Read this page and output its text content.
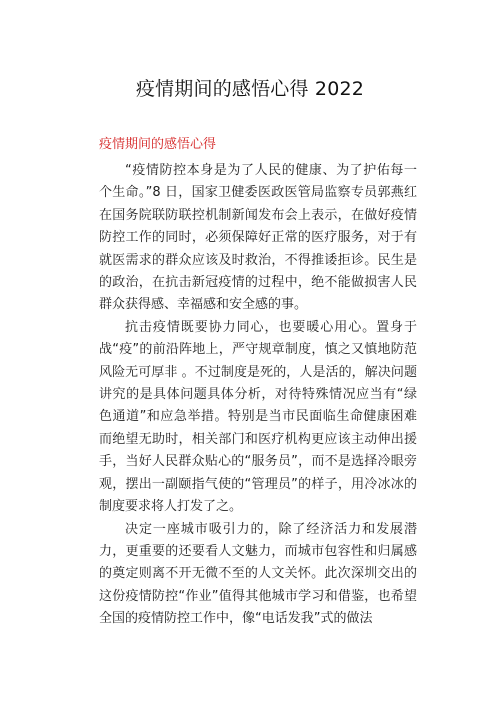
疫情期间的感悟心得 2022
疫情期间的感悟心得

“疫情防控本身是为了人民的健康、为了护佑每一个生命。”8 日，国家卫健委医政医管局监察专员郭燕红在国务院联防联控机制新闻发布会上表示，在做好疫情防控工作的同时，必须保障好正常的医疗服务，对于有就医需求的群众应该及时救治，不得推诿拒诊。民生是的政治，在抗击新冠疫情的过程中，绝不能做损害人民群众获得感、幸福感和安全感的事。

抗击疫情既要协力同心，也要暖心用心。置身于战“疫”的前沿阵地上，严守规章制度，慎之又慎地防范风险无可厚非 。不过制度是死的，人是活的，解决问题讲究的是具体问题具体分析，对待特殊情况应当有“绿色通道”和应急举措。特别是当市民面临生命健康困难而绝望无助时，相关部门和医疗机构更应该主动伸出援手，当好人民群众贴心的“服务员”，而不是选择冷眼旁观，摆出一副颐指气使的“管理员”的样子，用冷冰冰的制度要求将人打发了之。

决定一座城市吸引力的，除了经济活力和发展潜力，更重要的还要看人文魅力，而城市包容性和归属感的奠定则离不开无微不至的人文关怀。此次深圳交出的这份疫情防控“作业”值得其他城市学习和借鉴，也希望全国的疫情防控工作中，像“电话发我”式的做法
